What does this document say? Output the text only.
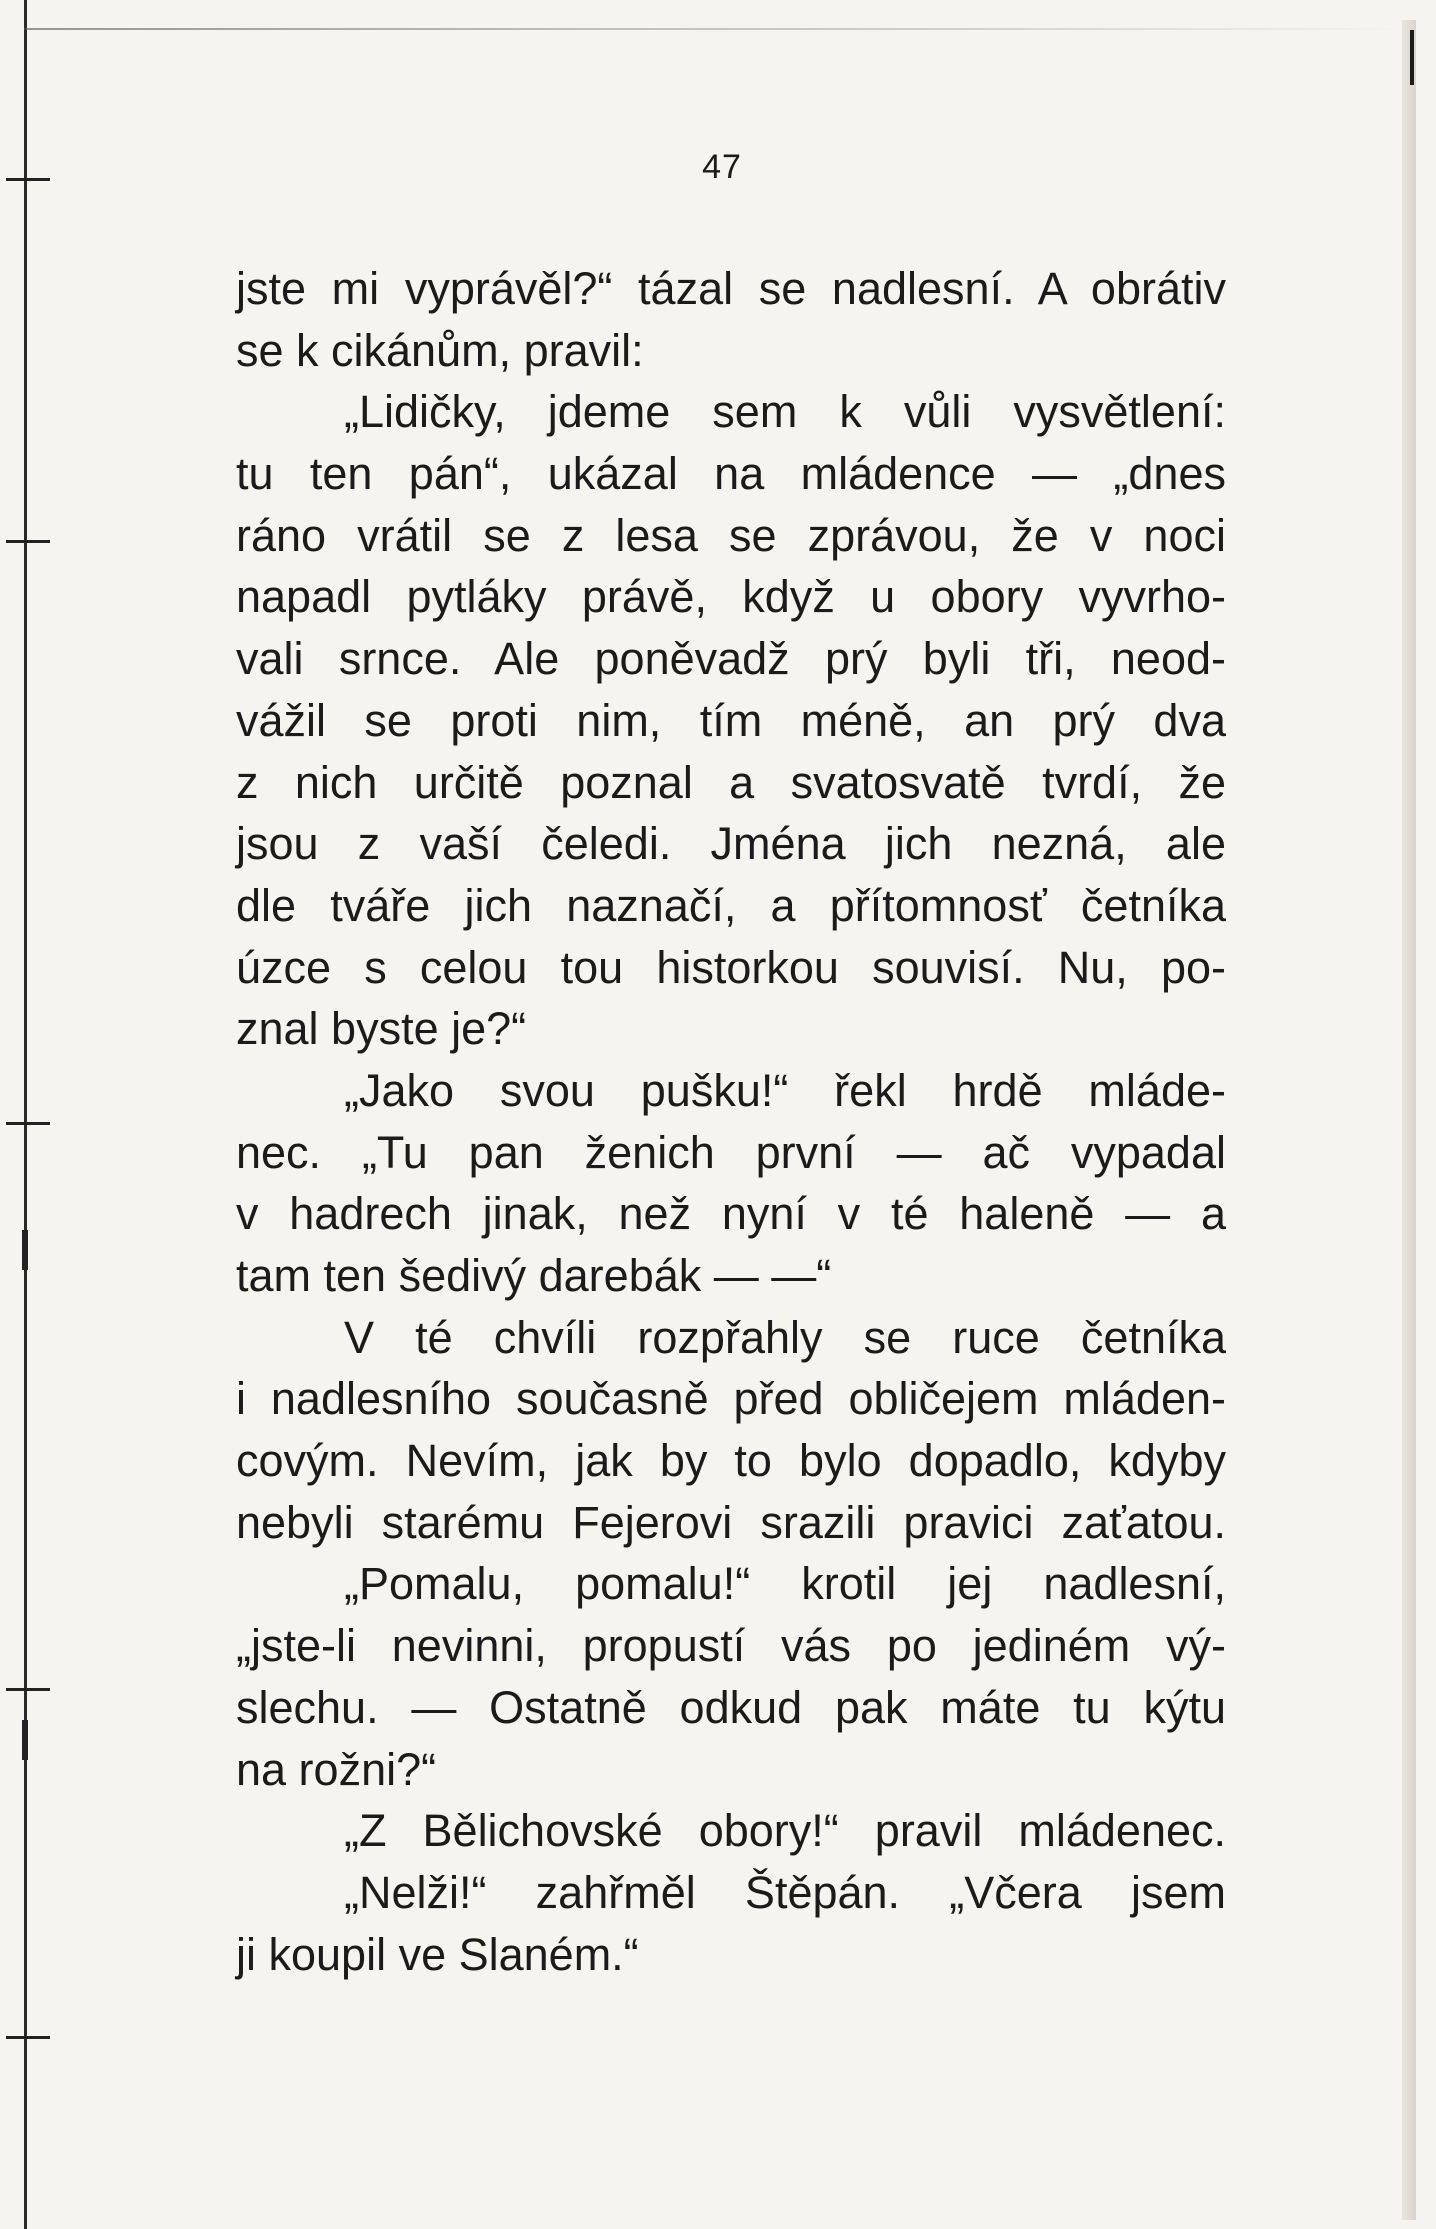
47
jste mi vyprávěl?“ tázal se nadlesní. A obrátiv
se k cikánům, pravil:
„Lidičky, jdeme sem k vůli vysvětlení:
tu ten pán“, ukázal na mládence — „dnes
ráno vrátil se z lesa se zprávou, že v noci
napadl pytláky právě, když u obory vyvrho-
vali srnce. Ale poněvadž prý byli tři, neod-
vážil se proti nim, tím méně, an prý dva
z nich určitě poznal a svatosvatě tvrdí, že
jsou z vaší čeledi. Jména jich nezná, ale
dle tváře jich naznačí, a přítomnosť četníka
úzce s celou tou historkou souvisí. Nu, po-
znal byste je?“
„Jako svou pušku!“ řekl hrdě mláde-
nec. „Tu pan ženich první — ač vypadal
v hadrech jinak, než nyní v té haleně — a
tam ten šedivý darebák — —“
V té chvíli rozpřahly se ruce četníka
i nadlesního současně před obličejem mláden-
covým. Nevím, jak by to bylo dopadlo, kdyby
nebyli starému Fejerovi srazili pravici zaťatou.
„Pomalu, pomalu!“ krotil jej nadlesní,
„jste-li nevinni, propustí vás po jediném vý-
slechu. — Ostatně odkud pak máte tu kýtu
na rožni?“
„Z Bělichovské obory!“ pravil mládenec.
„Nelži!“ zahřměl Štěpán. „Včera jsem
ji koupil ve Slaném.“
